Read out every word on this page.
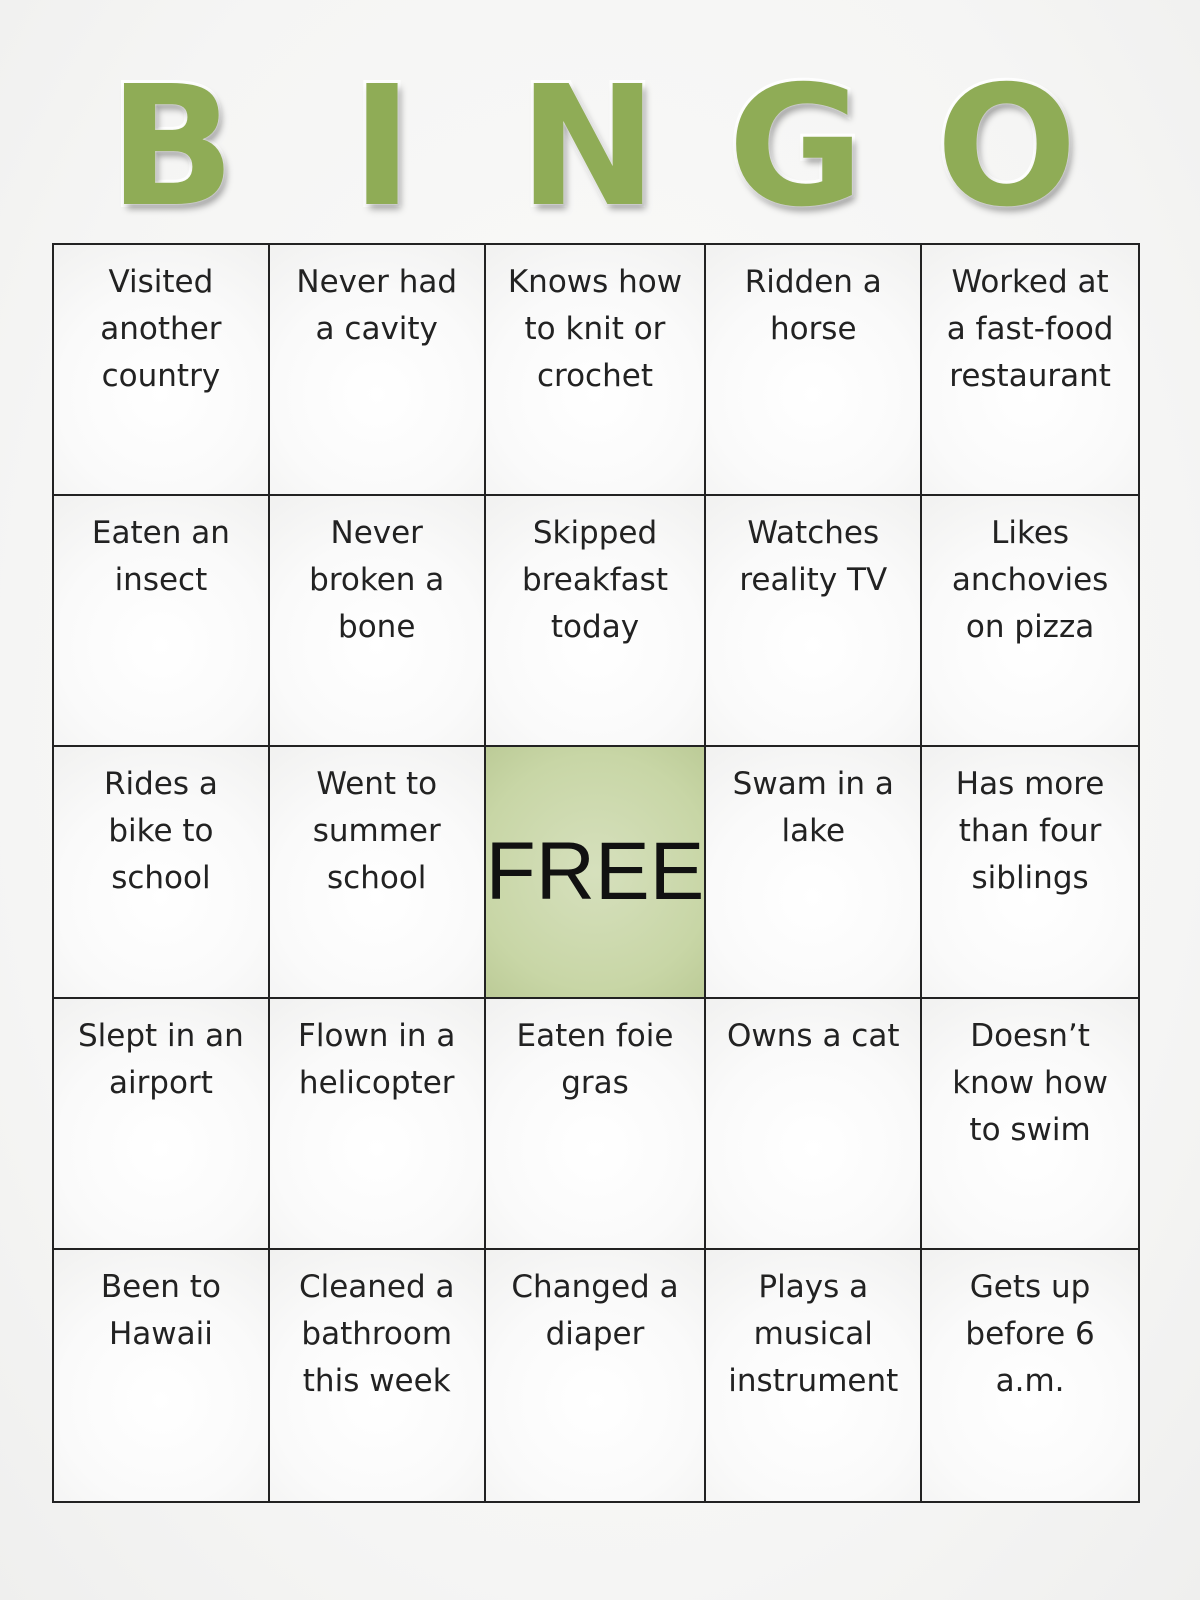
B I N G O
Visited
another
country
Never had
a cavity
Knows how
to knit or
crochet
Ridden a
horse
Worked at
a fast-food
restaurant
Eaten an
insect
Never
broken a
bone
Skipped
breakfast
today
Watches
reality TV
Likes
anchovies
on pizza
Rides a
bike to
school
Went to
summer
school FREE
Swam in a
lake
Has more
than four
siblings
Slept in an
airport
Flown in a
helicopter
Eaten foie
gras
Owns a cat	Doesn’t
know how
to swim
Been to
Hawaii
Cleaned a
bathroom
this week
Changed a
diaper
Plays a
musical
instrument
Gets up
before 6
a.m.
